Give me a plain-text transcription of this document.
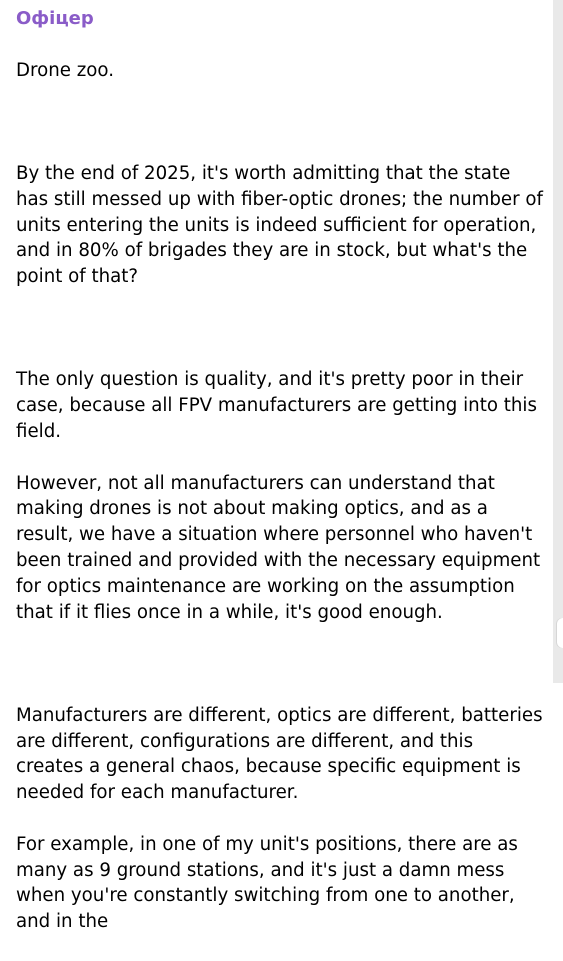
Офіцер

Drone zoo.

By the end of 2025, it's worth admitting that the state has still messed up with fiber-optic drones; the number of units entering the units is indeed sufficient for operation, and in 80% of brigades they are in stock, but what's the point of that?

The only question is quality, and it's pretty poor in their case, because all FPV manufacturers are getting into this field.

However, not all manufacturers can understand that making drones is not about making optics, and as a result, we have a situation where personnel who haven't been trained and provided with the necessary equipment for optics maintenance are working on the assumption that if it flies once in a while, it's good enough.

Manufacturers are different, optics are different, batteries are different, configurations are different, and this creates a general chaos, because specific equipment is needed for each manufacturer.

For example, in one of my unit's positions, there are as many as 9 ground stations, and it's just a damn mess when you're constantly switching from one to another, and in the
